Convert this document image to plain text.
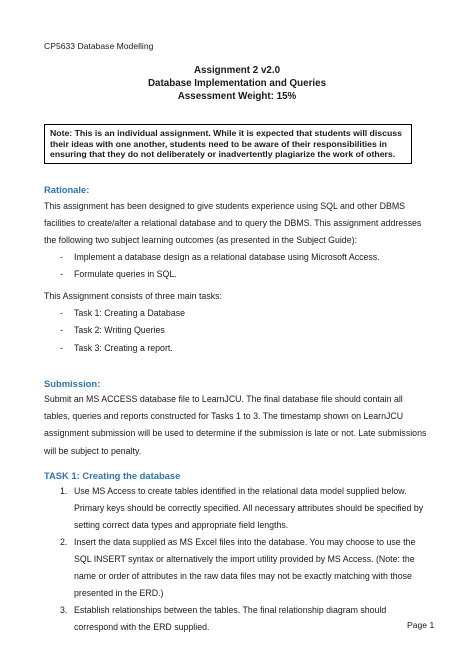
CP5633 Database Modelling
Assignment 2 v2.0
Database Implementation and Queries
Assessment Weight: 15%
Note: This is an individual assignment. While it is expected that students will discuss
their ideas with one another, students need to be aware of their responsibilities in
ensuring that they do not deliberately or inadvertently plagiarize the work of others.
Rationale:
This assignment has been designed to give students experience using SQL and other DBMS
facilities to create/alter a relational database and to query the DBMS. This assignment addresses
the following two subject learning outcomes (as presented in the Subject Guide):
-	Implement a database design as a relational database using Microsoft Access.
-	Formulate queries in SQL.
This Assignment consists of three main tasks:
-	Task 1: Creating a Database
-	Task 2: Writing Queries
-	Task 3: Creating a report.
Submission:
Submit an MS ACCESS database file to LearnJCU. The final database file should contain all
tables, queries and reports constructed for Tasks 1 to 3. The timestamp shown on LearnJCU
assignment submission will be used to determine if the submission is late or not. Late submissions
will be subject to penalty.
TASK 1: Creating the database
1. Use MS Access to create tables identified in the relational data model supplied below.
Primary keys should be correctly specified. All necessary attributes should be specified by
setting correct data types and appropriate field lengths.
2. Insert the data supplied as MS Excel files into the database. You may choose to use the
SQL INSERT syntax or alternatively the import utility provided by MS Access. (Note: the
name or order of attributes in the raw data files may not be exactly matching with those
presented in the ERD.)
3. Establish relationships between the tables. The final relationship diagram should
correspond with the ERD supplied.	Page 1
